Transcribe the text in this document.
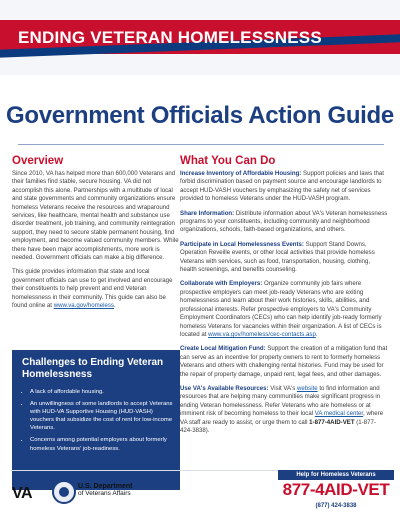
ENDING VETERAN HOMELESSNESS
Government Officials Action Guide
Overview

Since 2010, VA has helped more than 600,000 Veterans and their families find stable, secure housing. VA did not accomplish this alone. Partnerships with a multitude of local and state governments and community organizations ensure homeless Veterans receive the resources and wraparound services, like healthcare, mental health and substance use disorder treatment, job training, and community reintegration support, they need to secure stable permanent housing, find employment, and become valued community members. While there have been major accomplishments, more work is needed. Government officials can make a big difference.

This guide provides information that state and local government officials can use to get involved and encourage their constituents to help prevent and end Veteran homelessness in their community. This guide can also be found online at www.va.gov/homeless.

Challenges to Ending Veteran Homelessness
• A lack of affordable housing.
• An unwillingness of some landlords to accept Veterans with HUD-VA Supportive Housing (HUD-VASH) vouchers that subsidize the cost of rent for low-income Veterans.
• Concerns among potential employers about formerly homeless Veterans' job-readiness.
What You Can Do

Increase Inventory of Affordable Housing: Support policies and laws that forbid discrimination based on payment source and encourage landlords to accept HUD-VASH vouchers by emphasizing the safety net of services provided to homeless Veterans under the HUD-VASH program.

Share Information: Distribute information about VA's Veteran homelessness programs to your constituents, including community and neighborhood organizations, schools, faith-based organizations, and others.

Participate in Local Homelessness Events: Support Stand Downs, Operation Reveille events, or other local activities that provide homeless Veterans with services, such as food, transportation, housing, clothing, health screenings, and benefits counseling.

Collaborate with Employers: Organize community job fairs where prospective employers can meet job-ready Veterans who are exiting homelessness and learn about their work histories, skills, abilities, and professional interests. Refer prospective employers to VA's Community Employment Coordinators (CECs) who can help identify job-ready formerly homeless Veterans for vacancies within their organization. A list of CECs is located at www.va.gov/homeless/cec-contacts.asp.

Create Local Mitigation Fund: Support the creation of a mitigation fund that can serve as an incentive for property owners to rent to formerly homeless Veterans and others with challenging rental histories. Fund may be used for the repair of property damage, unpaid rent, legal fees, and other damages.

Use VA's Available Resources: Visit VA's website to find information and resources that are helping many communities make significant progress in ending Veteran homelessness. Refer Veterans who are homeless or at imminent risk of becoming homeless to their local VA medical center, where VA staff are ready to assist, or urge them to call 1-877-4AID-VET (1-877-424-3838).

VA	U.S. Department
of Veterans Affairs
Help for Homeless Veterans
877-4AID-VET
(877) 424-3838
